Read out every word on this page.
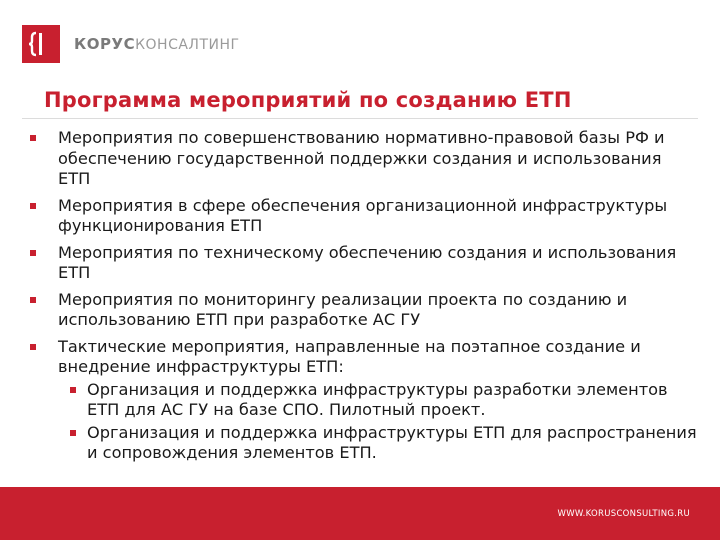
КОРУС КОНСАЛТИНГ
Программа мероприятий по созданию ЕТП
Мероприятия по совершенствованию нормативно-правовой базы РФ и обеспечению государственной поддержки создания и использования ЕТП
Мероприятия в сфере обеспечения организационной инфраструктуры функционирования ЕТП
Мероприятия по техническому обеспечению создания и использования ЕТП
Мероприятия по мониторингу реализации проекта по созданию и использованию ЕТП при разработке АС ГУ
Тактические мероприятия, направленные на поэтапное создание и внедрение инфраструктуры ЕТП:
Организация и поддержка инфраструктуры разработки элементов ЕТП для АС ГУ на базе СПО. Пилотный проект.
Организация и поддержка инфраструктуры ЕТП для распространения и сопровождения элементов ЕТП.
WWW.KORUSCONSULTING.RU
